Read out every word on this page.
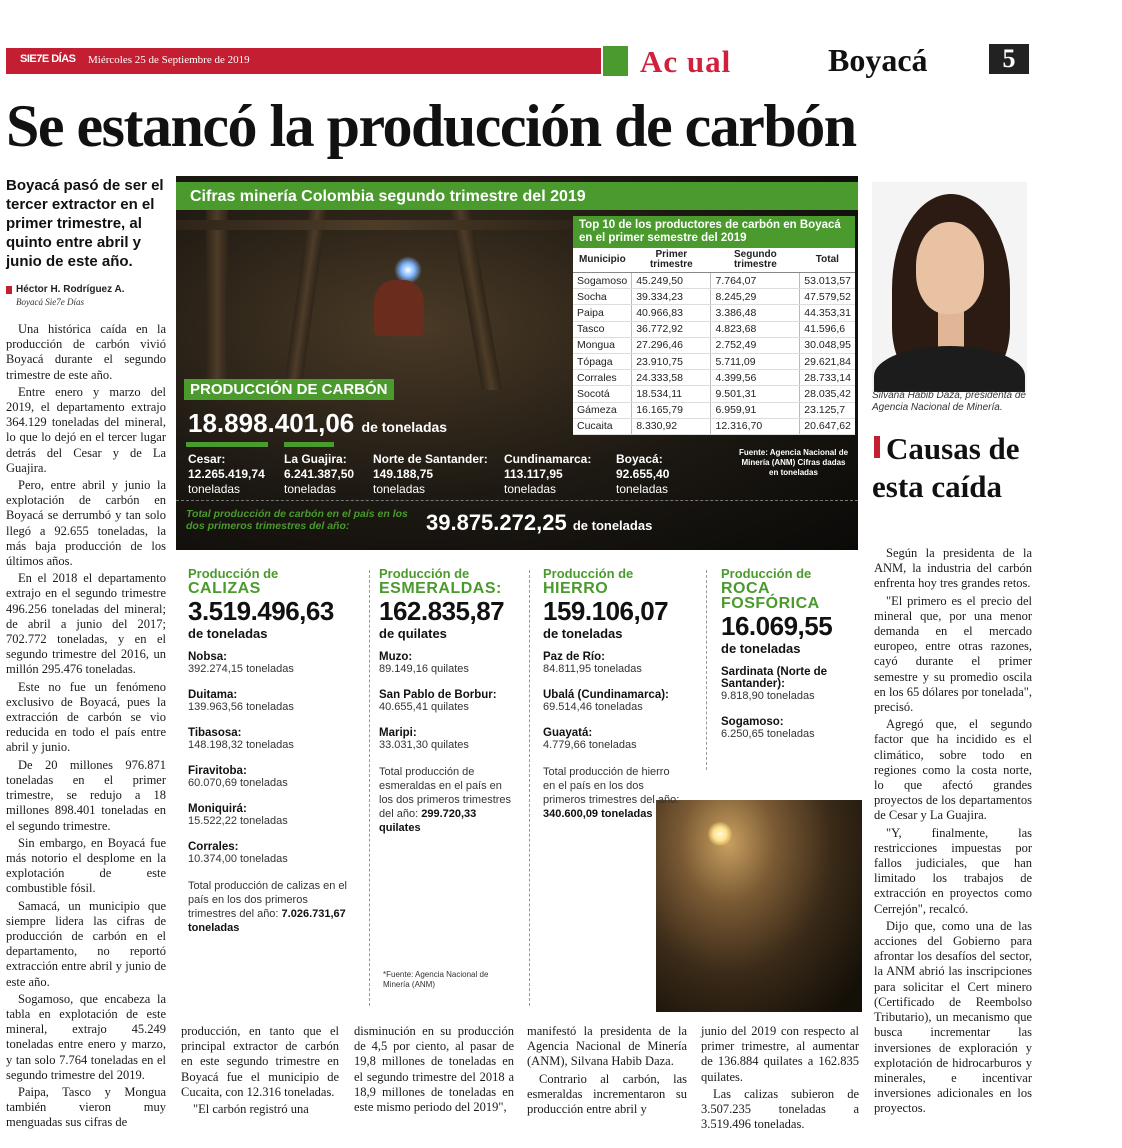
SIE7E DÍAS Miércoles 25 de Septiembre de 2019	Ac ual	Boyacá	5
Se estancó la producción de carbón
Boyacá pasó de ser el tercer extractor en el primer trimestre, al quinto entre abril y junio de este año.
Héctor H. Rodríguez A.
Boyacá Sie7e Días

Una histórica caída en la producción de carbón vivió Boyacá durante el segundo trimestre de este año.

Entre enero y marzo del 2019, el departamento extrajo 364.129 toneladas del mineral, lo que lo dejó en el tercer lugar detrás del Cesar y de La Guajira.

Pero, entre abril y junio la explotación de carbón en Boyacá se derrumbó y tan solo llegó a 92.655 toneladas, la más baja producción de los últimos años.

En el 2018 el departamento extrajo en el segundo trimestre 496.256 toneladas del mineral; de abril a junio del 2017; 702.772 toneladas, y en el segundo trimestre del 2016, un millón 295.476 toneladas.

Este no fue un fenómeno exclusivo de Boyacá, pues la extracción de carbón se vio reducida en todo el país entre abril y junio.

De 20 millones 976.871 toneladas en el primer trimestre, se redujo a 18 millones 898.401 toneladas en el segundo trimestre.

Sin embargo, en Boyacá fue más notorio el desplome en la explotación de este combustible fósil.

Samacá, un municipio que siempre lidera las cifras de producción de carbón en el departamento, no reportó extracción entre abril y junio de este año.

Sogamoso, que encabeza la tabla en explotación de este mineral, extrajo 45.249 toneladas entre enero y marzo, y tan solo 7.764 toneladas en el segundo trimestre del 2019.

Paipa, Tasco y Mongua también vieron muy menguadas sus cifras de

Cifras minería Colombia segundo trimestre del 2019
Top 10 de los productores de carbón en Boyacá en el primer semestre del 2019
Municipio	Primer trimestre	Segundo trimestre	Total
Sogamoso	45.249,50	7.764,07	53.013,57
Socha	39.334,23	8.245,29	47.579,52
Paipa	40.966,83	3.386,48	44.353,31
Tasco	36.772,92	4.823,68	41.596,6
Mongua	27.296,46	2.752,49	30.048,95
Tópaga	23.910,75	5.711,09	29.621,84
Corrales	24.333,58	4.399,56	28.733,14
Socotá	18.534,11	9.501,31	28.035,42
Gámeza	16.165,79	6.959,91	23.125,7
Cucaita	8.330,92	12.316,70	20.647,62
PRODUCCIÓN DE CARBÓN
18.898.401,06 de toneladas
Cesar:
12.265.419,74
toneladas
La Guajira:
6.241.387,50
toneladas
Norte de Santander:
149.188,75
toneladas
Cundinamarca:
113.117,95
toneladas
Boyacá:
92.655,40
toneladas
Fuente: Agencia Nacional de Minería (ANM) Cifras dadas en toneladas
Total producción de carbón en el país en los dos primeros trimestres del año:	39.875.272,25 de toneladas
Producción de
CALIZAS
3.519.496,63
de toneladas
Nobsa:
392.274,15 toneladas
Duitama:
139.963,56 toneladas
Tibasosa:
148.198,32 toneladas
Firavitoba:
60.070,69 toneladas
Moniquirá:
15.522,22 toneladas
Corrales:
10.374,00 toneladas
Total producción de calizas en el país en los dos primeros trimestres del año: 7.026.731,67 toneladas
Producción de
ESMERALDAS:
162.835,87
de quilates
Muzo:
89.149,16 quilates
San Pablo de Borbur:
40.655,41 quilates
Maripi:
33.031,30 quilates
Total producción de esmeraldas en el país en los dos primeros trimestres del año: 299.720,33 quilates
Producción de
HIERRO
159.106,07
de toneladas
Paz de Río:
84.811,95 toneladas
Ubalá (Cundinamarca):
69.514,46 toneladas
Guayatá:
4.779,66 toneladas
Total producción de hierro en el país en los dos primeros trimestres del año: 340.600,09 toneladas
Producción de
ROCA FOSFÓRICA
16.069,55
de toneladas
Sardinata (Norte de Santander):
9.818,90 toneladas
Sogamoso:
6.250,65 toneladas
*Fuente: Agencia Nacional de Minería (ANM)

producción, en tanto que el principal extractor de carbón en este segundo trimestre en Boyacá fue el municipio de Cucaita, con 12.316 toneladas.

"El carbón registró una

disminución en su producción de 4,5 por ciento, al pasar de 19,8 millones de toneladas en el segundo trimestre del 2018 a 18,9 millones de toneladas en este mismo periodo del 2019",

manifestó la presidenta de la Agencia Nacional de Minería (ANM), Silvana Habib Daza.

Contrario al carbón, las esmeraldas incrementaron su producción entre abril y

junio del 2019 con respecto al primer trimestre, al aumentar de 136.884 quilates a 162.835 quilates.

Las calizas subieron de 3.507.235 toneladas a 3.519.496 toneladas.

Silvana Habib Daza, presidenta de Agencia Nacional de Minería.
Causas de esta caída

Según la presidenta de la ANM, la industria del carbón enfrenta hoy tres grandes retos.

"El primero es el precio del mineral que, por una menor demanda en el mercado europeo, entre otras razones, cayó durante el primer semestre y su promedio oscila en los 65 dólares por tonelada", precisó.

Agregó que, el segundo factor que ha incidido es el climático, sobre todo en regiones como la costa norte, lo que afectó grandes proyectos de los departamentos de Cesar y La Guajira.

"Y, finalmente, las restricciones impuestas por fallos judiciales, que han limitado los trabajos de extracción en proyectos como Cerrejón", recalcó.

Dijo que, como una de las acciones del Gobierno para afrontar los desafíos del sector, la ANM abrió las inscripciones para solicitar el Cert minero (Certificado de Reembolso Tributario), un mecanismo que busca incrementar las inversiones de exploración y explotación de hidrocarburos y minerales, e incentivar inversiones adicionales en los proyectos.
